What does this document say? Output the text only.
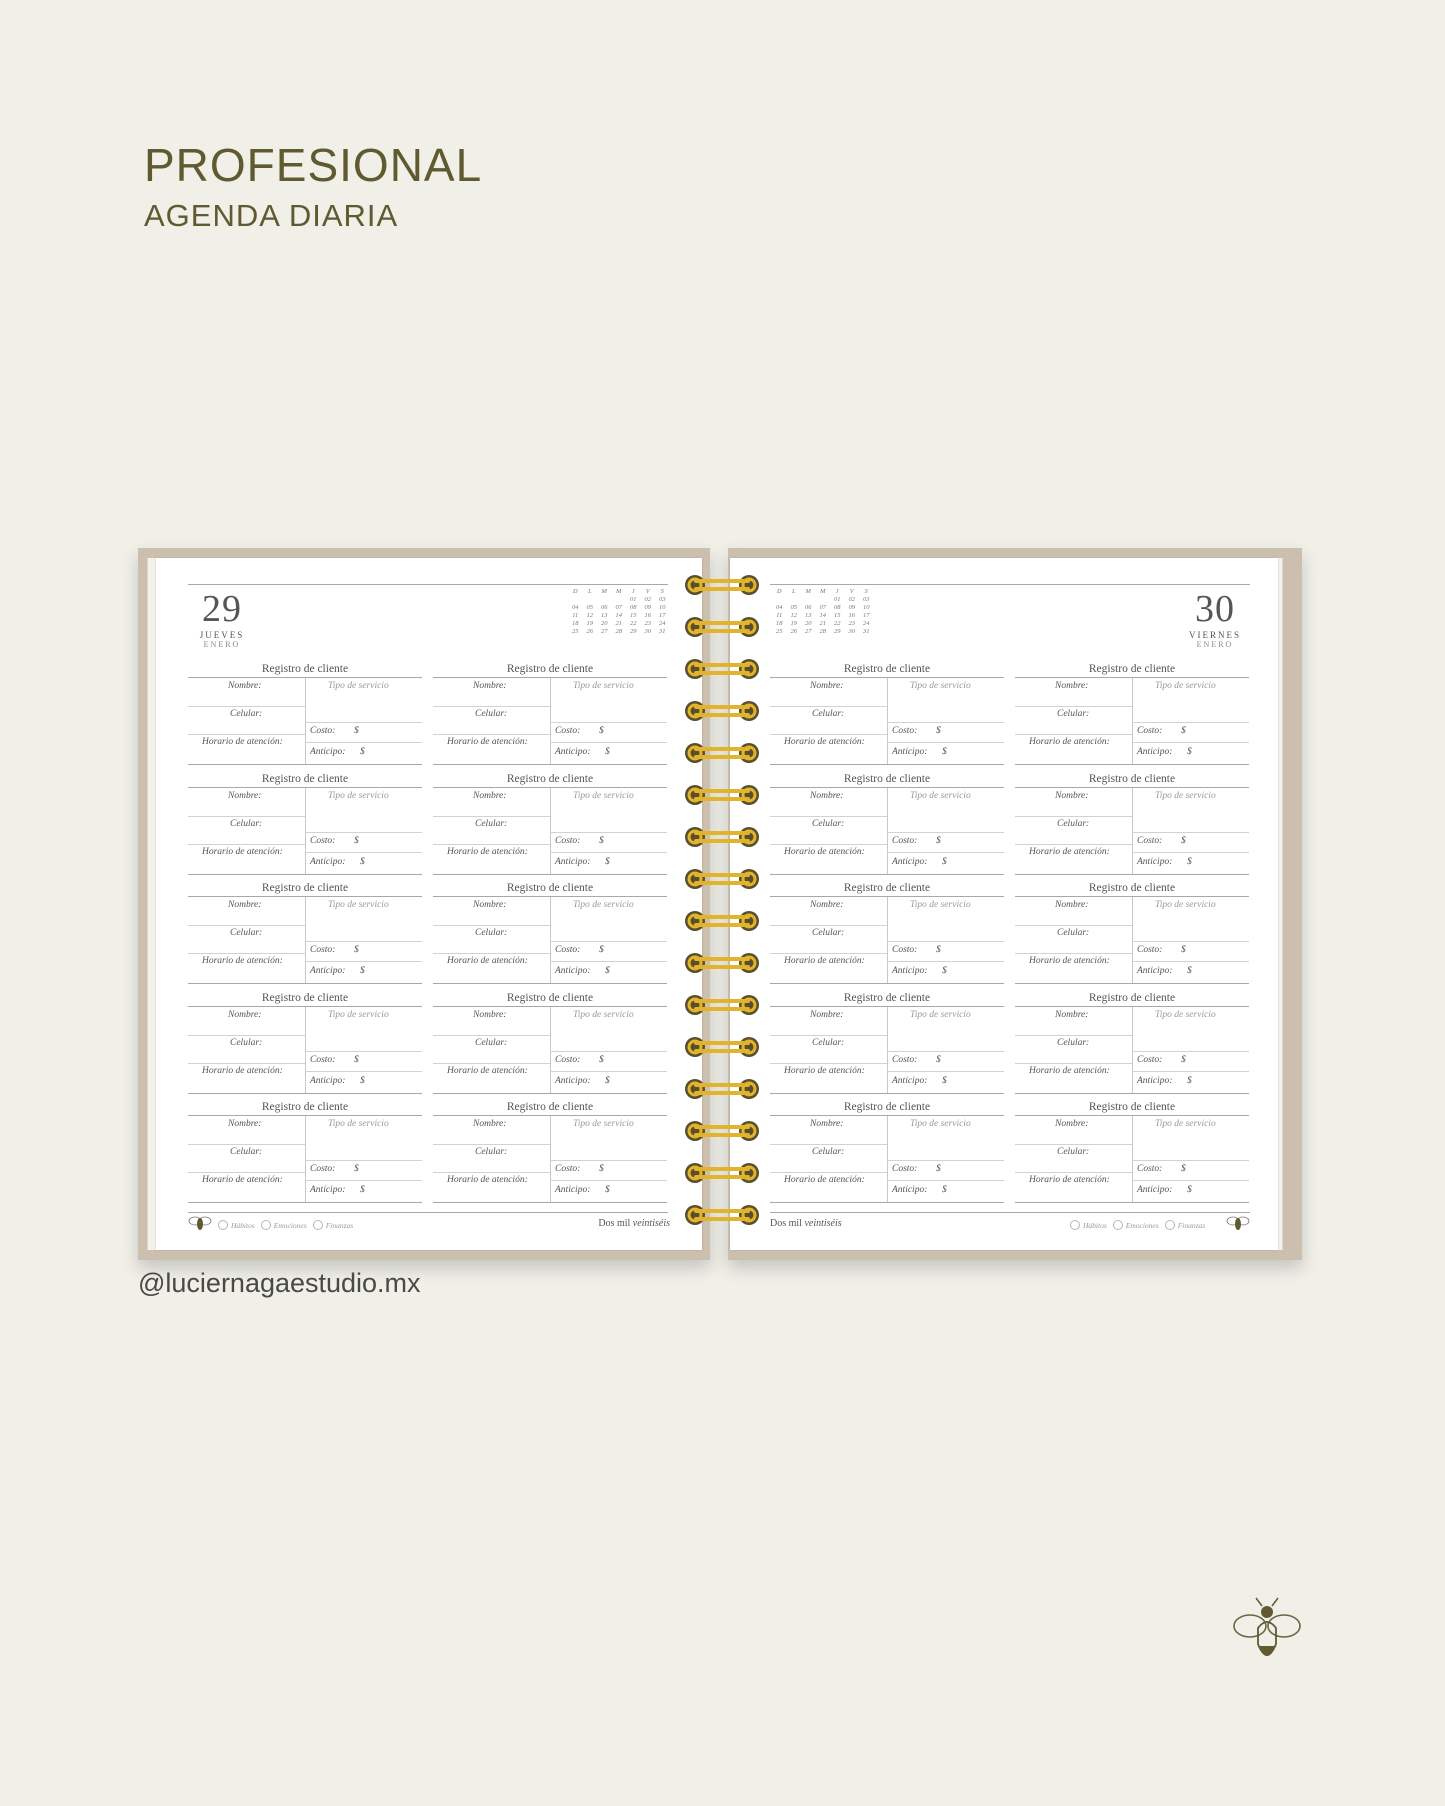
PROFESIONAL
AGENDA DIARIA
29
JUEVES
ENERO
D	L	M	M	J	V	S
				01	02	03
04	05	06	07	08	09	10
11	12	13	14	15	16	17
18	19	20	21	22	23	24
25	26	27	28	29	30	31
Registro de cliente
Nombre:	Tipo de servicio
Celular:
Horario de atención:
Costo: $
Anticipo: $
Registro de cliente
Nombre:	Tipo de servicio
Celular:
Horario de atención:
Costo: $
Anticipo: $
Registro de cliente
Nombre:	Tipo de servicio
Celular:
Horario de atención:
Costo: $
Anticipo: $
Registro de cliente
Nombre:	Tipo de servicio
Celular:
Horario de atención:
Costo: $
Anticipo: $
Registro de cliente
Nombre:	Tipo de servicio
Celular:
Horario de atención:
Costo: $
Anticipo: $
Registro de cliente
Nombre:	Tipo de servicio
Celular:
Horario de atención:
Costo: $
Anticipo: $
Registro de cliente
Nombre:	Tipo de servicio
Celular:
Horario de atención:
Costo: $
Anticipo: $
Registro de cliente
Nombre:	Tipo de servicio
Celular:
Horario de atención:
Costo: $
Anticipo: $
Registro de cliente
Nombre:	Tipo de servicio
Celular:
Horario de atención:
Costo: $
Anticipo: $
Registro de cliente
Nombre:	Tipo de servicio
Celular:
Horario de atención:
Costo: $
Anticipo: $
Hábitos	Emociones	Finanzas	Dos mil veintiséis
30
VIERNES
ENERO
D	L	M	M	J	V	S
				01	02	03
04	05	06	07	08	09	10
11	12	13	14	15	16	17
18	19	20	21	22	23	24
25	26	27	28	29	30	31
Registro de cliente
Nombre:	Tipo de servicio
Celular:
Horario de atención:
Costo: $
Anticipo: $
Registro de cliente
Nombre:	Tipo de servicio
Celular:
Horario de atención:
Costo: $
Anticipo: $
Registro de cliente
Nombre:	Tipo de servicio
Celular:
Horario de atención:
Costo: $
Anticipo: $
Registro de cliente
Nombre:	Tipo de servicio
Celular:
Horario de atención:
Costo: $
Anticipo: $
Registro de cliente
Nombre:	Tipo de servicio
Celular:
Horario de atención:
Costo: $
Anticipo: $
Registro de cliente
Nombre:	Tipo de servicio
Celular:
Horario de atención:
Costo: $
Anticipo: $
Registro de cliente
Nombre:	Tipo de servicio
Celular:
Horario de atención:
Costo: $
Anticipo: $
Registro de cliente
Nombre:	Tipo de servicio
Celular:
Horario de atención:
Costo: $
Anticipo: $
Registro de cliente
Nombre:	Tipo de servicio
Celular:
Horario de atención:
Costo: $
Anticipo: $
Registro de cliente
Nombre:	Tipo de servicio
Celular:
Horario de atención:
Costo: $
Anticipo: $
Dos mil veintiséis	Hábitos	Emociones	Finanzas
@luciernagaestudio.mx
